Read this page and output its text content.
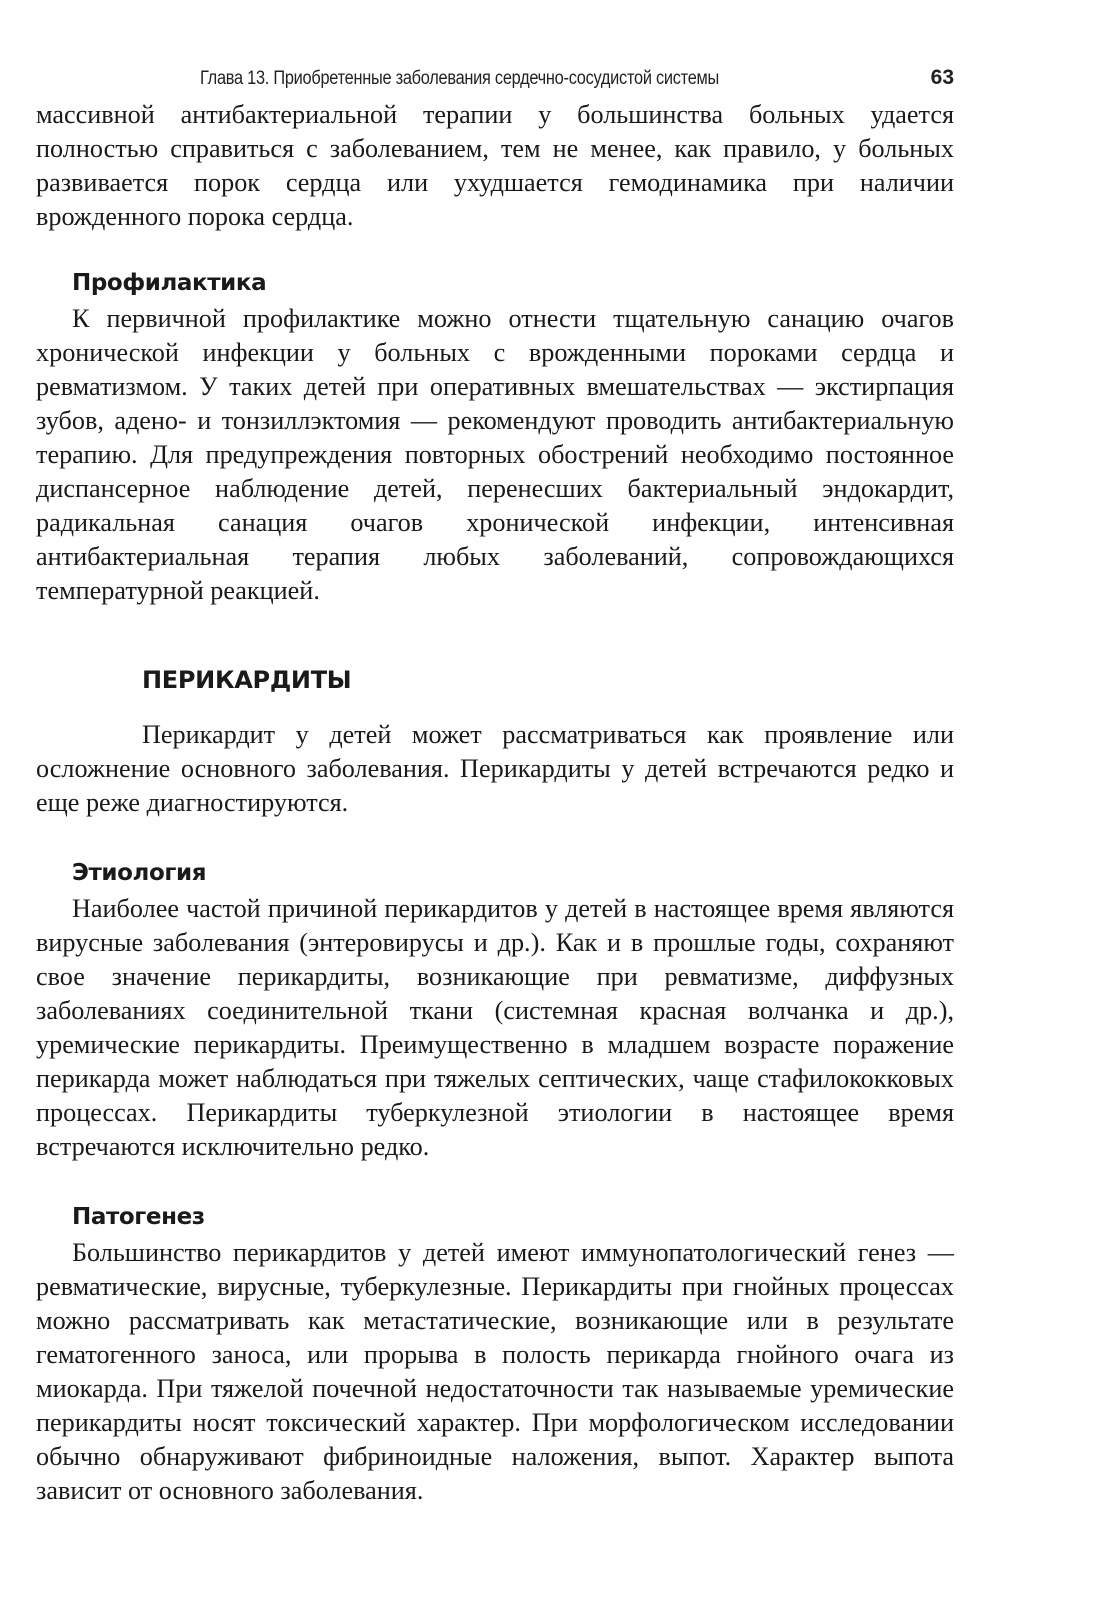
Глава 13. Приобретенные заболевания сердечно-сосудистой системы	63

массивной антибактериальной терапии у большинства больных удается полностью справиться с заболеванием, тем не менее, как правило, у больных развивается порок сердца или ухудшается гемодинамика при наличии врожденного порока сердца.

Профилактика

К первичной профилактике можно отнести тщательную санацию очагов хронической инфекции у больных с врожденными пороками сердца и ревматизмом. У таких детей при оперативных вмешательствах — экстирпация зубов, адено- и тонзиллэктомия — рекомендуют проводить антибактериальную терапию. Для предупреждения повторных обострений необходимо постоянное диспансерное наблюдение детей, перенесших бактериальный эндокардит, радикальная санация очагов хронической инфекции, интенсивная антибактериальная терапия любых заболеваний, сопровождающихся температурной реакцией.

ПЕРИКАРДИТЫ

Перикардит у детей может рассматриваться как проявление или осложнение основного заболевания. Перикардиты у детей встречаются редко и еще реже диагностируются.

Этиология

Наиболее частой причиной перикардитов у детей в настоящее время являются вирусные заболевания (энтеровирусы и др.). Как и в прошлые годы, сохраняют свое значение перикардиты, возникающие при ревматизме, диффузных заболеваниях соединительной ткани (системная красная волчанка и др.), уремические перикардиты. Преимущественно в младшем возрасте поражение перикарда может наблюдаться при тяжелых септических, чаще стафилококковых процессах. Перикардиты туберкулезной этиологии в настоящее время встречаются исключительно редко.

Патогенез

Большинство перикардитов у детей имеют иммунопатологический генез — ревматические, вирусные, туберкулезные. Перикардиты при гнойных процессах можно рассматривать как метастатические, возникающие или в результате гематогенного заноса, или прорыва в полость перикарда гнойного очага из миокарда. При тяжелой почечной недостаточности так называемые уремические перикардиты носят токсический характер. При морфологическом исследовании обычно обнаруживают фибриноидные наложения, выпот. Характер выпота зависит от основного заболевания.
